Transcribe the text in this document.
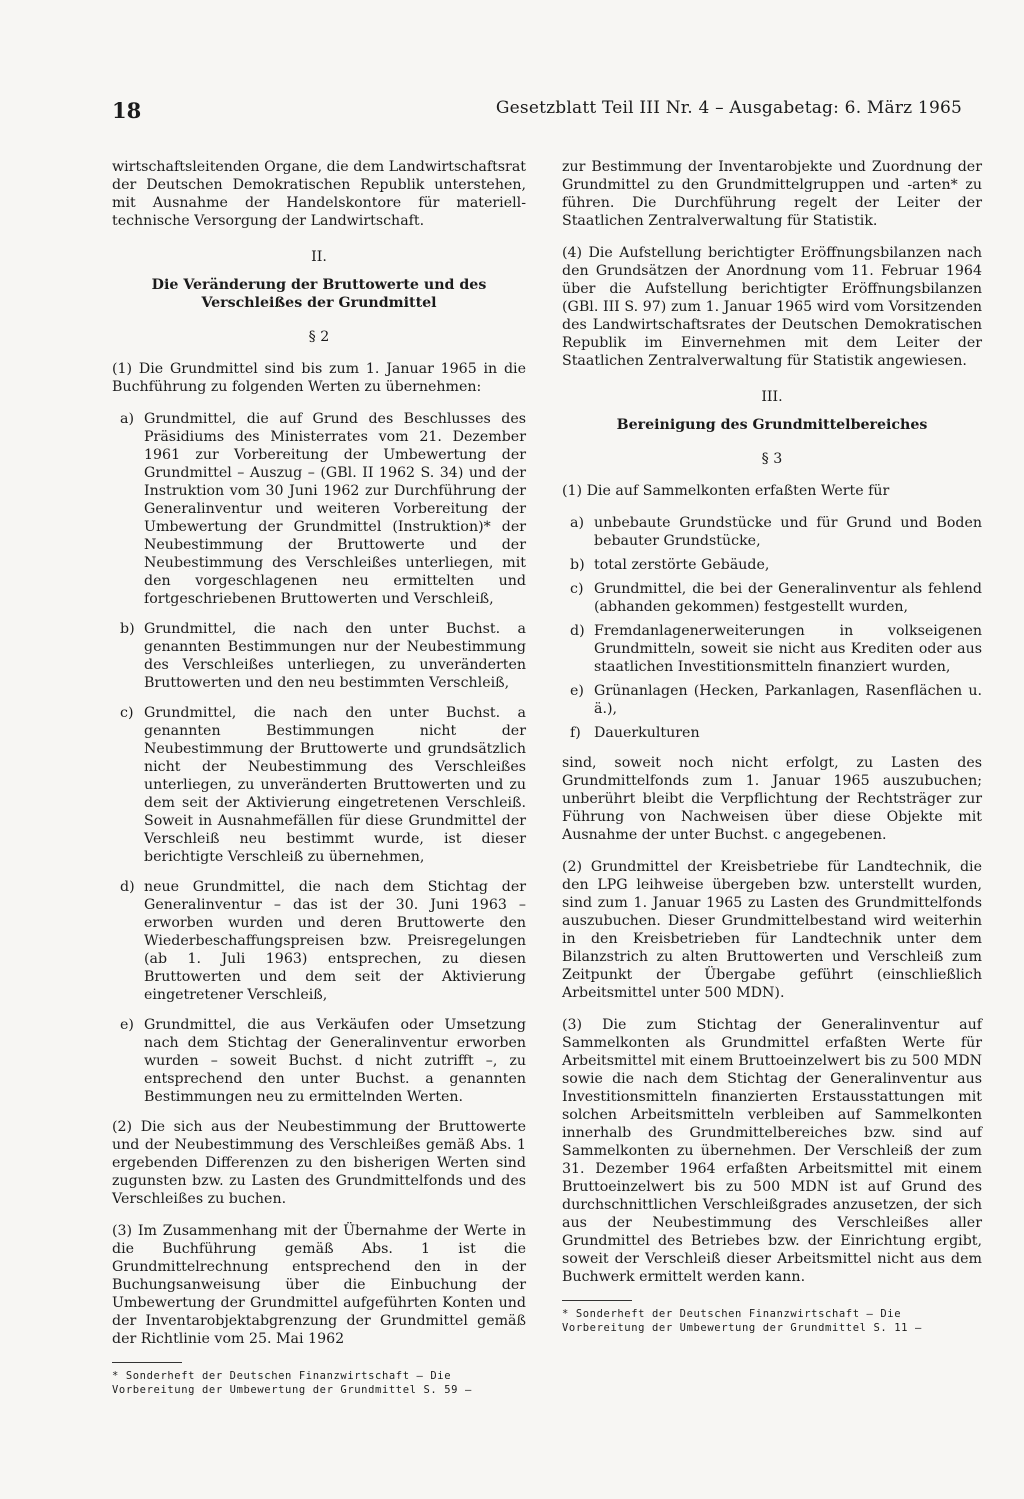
18	Gesetzblatt Teil III Nr. 4 – Ausgabetag: 6. März 1965

wirtschaftsleitenden Organe, die dem Landwirtschaftsrat der Deutschen Demokratischen Republik unterstehen, mit Ausnahme der Handelskontore für materiell-technische Versorgung der Landwirtschaft.

II.
Die Veränderung der Bruttowerte und des Verschleißes der Grundmittel
§ 2

(1) Die Grundmittel sind bis zum 1. Januar 1965 in die Buchführung zu folgenden Werten zu übernehmen:

a) Grundmittel, die auf Grund des Beschlusses des Präsidiums des Ministerrates vom 21. Dezember 1961 zur Vorbereitung der Umbewertung der Grundmittel – Auszug – (GBl. II 1962 S. 34) und der Instruktion vom 30 Juni 1962 zur Durchführung der Generalinventur und weiteren Vorbereitung der Umbewertung der Grundmittel (Instruktion)* der Neubestimmung der Bruttowerte und der Neubestimmung des Verschleißes unterliegen, mit den vorgeschlagenen neu ermittelten und fortgeschriebenen Bruttowerten und Verschleiß,
b) Grundmittel, die nach den unter Buchst. a genannten Bestimmungen nur der Neubestimmung des Verschleißes unterliegen, zu unveränderten Bruttowerten und den neu bestimmten Verschleiß,
c) Grundmittel, die nach den unter Buchst. a genannten Bestimmungen nicht der Neubestimmung der Bruttowerte und grundsätzlich nicht der Neubestimmung des Verschleißes unterliegen, zu unveränderten Bruttowerten und zu dem seit der Aktivierung eingetretenen Verschleiß. Soweit in Ausnahmefällen für diese Grundmittel der Verschleiß neu bestimmt wurde, ist dieser berichtigte Verschleiß zu übernehmen,
d) neue Grundmittel, die nach dem Stichtag der Generalinventur – das ist der 30. Juni 1963 – erworben wurden und deren Bruttowerte den Wiederbeschaffungspreisen bzw. Preisregelungen (ab 1. Juli 1963) entsprechen, zu diesen Bruttowerten und dem seit der Aktivierung eingetretener Verschleiß,
e) Grundmittel, die aus Verkäufen oder Umsetzung nach dem Stichtag der Generalinventur erworben wurden – soweit Buchst. d nicht zutrifft –, zu entsprechend den unter Buchst. a genannten Bestimmungen neu zu ermittelnden Werten.

(2) Die sich aus der Neubestimmung der Bruttowerte und der Neubestimmung des Verschleißes gemäß Abs. 1 ergebenden Differenzen zu den bisherigen Werten sind zugunsten bzw. zu Lasten des Grundmittelfonds und des Verschleißes zu buchen.

(3) Im Zusammenhang mit der Übernahme der Werte in die Buchführung gemäß Abs. 1 ist die Grundmittelrechnung entsprechend den in der Buchungsanweisung über die Einbuchung der Umbewertung der Grundmittel aufgeführten Konten und der Inventarobjektabgrenzung der Grundmittel gemäß der Richtlinie vom 25. Mai 1962

* Sonderheft der Deutschen Finanzwirtschaft – Die Vorbereitung der Umbewertung der Grundmittel S. 59 –

zur Bestimmung der Inventarobjekte und Zuordnung der Grundmittel zu den Grundmittelgruppen und -arten* zu führen. Die Durchführung regelt der Leiter der Staatlichen Zentralverwaltung für Statistik.

(4) Die Aufstellung berichtigter Eröffnungsbilanzen nach den Grundsätzen der Anordnung vom 11. Februar 1964 über die Aufstellung berichtigter Eröffnungsbilanzen (GBl. III S. 97) zum 1. Januar 1965 wird vom Vorsitzenden des Landwirtschaftsrates der Deutschen Demokratischen Republik im Einvernehmen mit dem Leiter der Staatlichen Zentralverwaltung für Statistik angewiesen.

III.
Bereinigung des Grundmittelbereiches
§ 3

(1) Die auf Sammelkonten erfaßten Werte für

a) unbebaute Grundstücke und für Grund und Boden bebauter Grundstücke,
b) total zerstörte Gebäude,
c) Grundmittel, die bei der Generalinventur als fehlend (abhanden gekommen) festgestellt wurden,
d) Fremdanlagenerweiterungen in volkseigenen Grundmitteln, soweit sie nicht aus Krediten oder aus staatlichen Investitionsmitteln finanziert wurden,
e) Grünanlagen (Hecken, Parkanlagen, Rasenflächen u. ä.),
f) Dauerkulturen

sind, soweit noch nicht erfolgt, zu Lasten des Grundmittelfonds zum 1. Januar 1965 auszubuchen; unberührt bleibt die Verpflichtung der Rechtsträger zur Führung von Nachweisen über diese Objekte mit Ausnahme der unter Buchst. c angegebenen.

(2) Grundmittel der Kreisbetriebe für Landtechnik, die den LPG leihweise übergeben bzw. unterstellt wurden, sind zum 1. Januar 1965 zu Lasten des Grundmittelfonds auszubuchen. Dieser Grundmittelbestand wird weiterhin in den Kreisbetrieben für Landtechnik unter dem Bilanzstrich zu alten Bruttowerten und Verschleiß zum Zeitpunkt der Übergabe geführt (einschließlich Arbeitsmittel unter 500 MDN).

(3) Die zum Stichtag der Generalinventur auf Sammelkonten als Grundmittel erfaßten Werte für Arbeitsmittel mit einem Bruttoeinzelwert bis zu 500 MDN sowie die nach dem Stichtag der Generalinventur aus Investitionsmitteln finanzierten Erstausstattungen mit solchen Arbeitsmitteln verbleiben auf Sammelkonten innerhalb des Grundmittelbereiches bzw. sind auf Sammelkonten zu übernehmen. Der Verschleiß der zum 31. Dezember 1964 erfaßten Arbeitsmittel mit einem Bruttoeinzelwert bis zu 500 MDN ist auf Grund des durchschnittlichen Verschleißgrades anzusetzen, der sich aus der Neubestimmung des Verschleißes aller Grundmittel des Betriebes bzw. der Einrichtung ergibt, soweit der Verschleiß dieser Arbeitsmittel nicht aus dem Buchwerk ermittelt werden kann.

* Sonderheft der Deutschen Finanzwirtschaft – Die Vorbereitung der Umbewertung der Grundmittel S. 11 –
